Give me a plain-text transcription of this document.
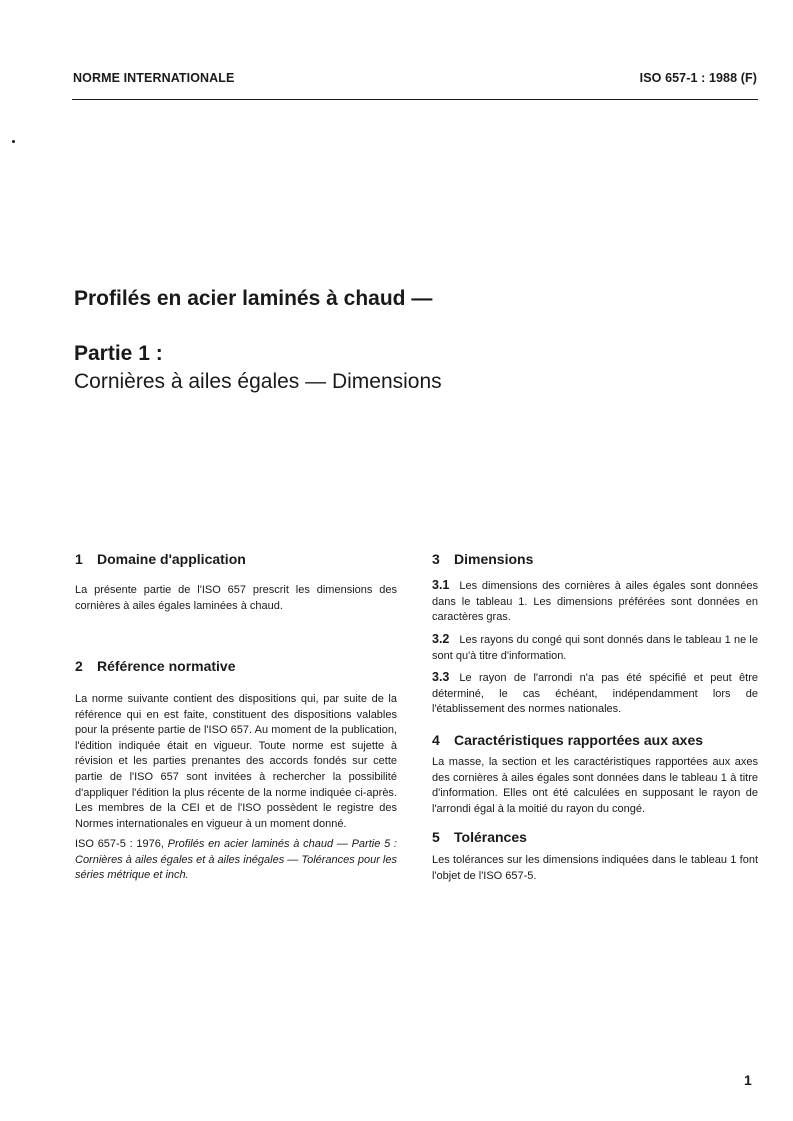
NORME INTERNATIONALE	ISO 657-1 : 1988 (F)
Profilés en acier laminés à chaud —
Partie 1 :
Cornières à ailes égales — Dimensions
1 Domaine d'application

La présente partie de l'ISO 657 prescrit les dimensions des cornières à ailes égales laminées à chaud.

2 Référence normative

La norme suivante contient des dispositions qui, par suite de la référence qui en est faite, constituent des dispositions valables pour la présente partie de l'ISO 657. Au moment de la publication, l'édition indiquée était en vigueur. Toute norme est sujette à révision et les parties prenantes des accords fondés sur cette partie de l'ISO 657 sont invitées à rechercher la possibilité d'appliquer l'édition la plus récente de la norme indiquée ci-après. Les membres de la CEI et de l'ISO possèdent le registre des Normes internationales en vigueur à un moment donné.

ISO 657-5 : 1976, Profilés en acier laminés à chaud — Partie 5 : Cornières à ailes égales et à ailes inégales — Tolérances pour les séries métrique et inch.

3 Dimensions

3.1 Les dimensions des cornières à ailes égales sont données dans le tableau 1. Les dimensions préférées sont données en caractères gras.

3.2 Les rayons du congé qui sont donnés dans le tableau 1 ne le sont qu'à titre d'information.

3.3 Le rayon de l'arrondi n'a pas été spécifié et peut être déterminé, le cas échéant, indépendamment lors de l'établissement des normes nationales.

4 Caractéristiques rapportées aux axes

La masse, la section et les caractéristiques rapportées aux axes des cornières à ailes égales sont données dans le tableau 1 à titre d'information. Elles ont été calculées en supposant le rayon de l'arrondi égal à la moitié du rayon du congé.

5 Tolérances

Les tolérances sur les dimensions indiquées dans le tableau 1 font l'objet de l'ISO 657-5.

1
